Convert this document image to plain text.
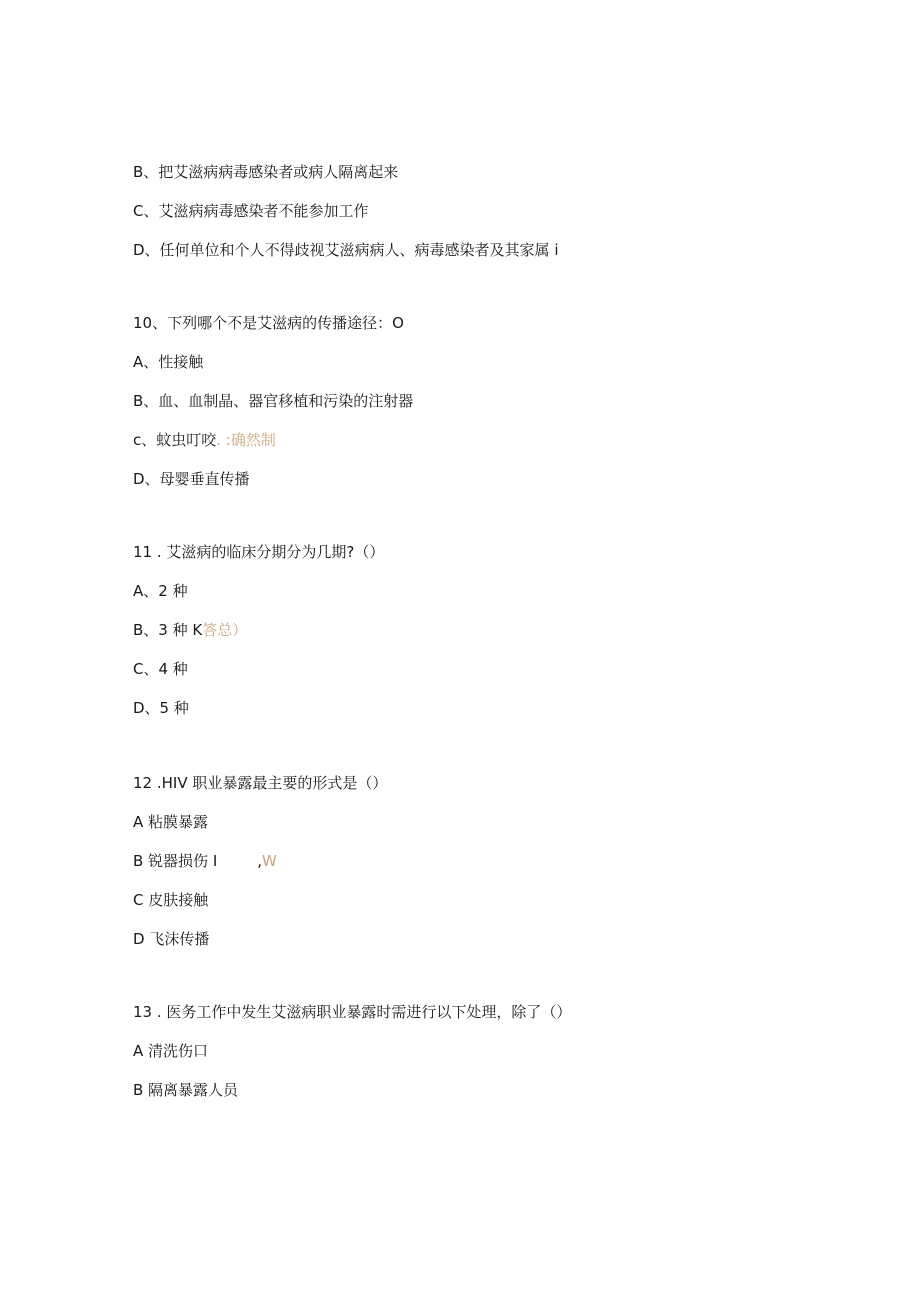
B、把艾滋病病毒感染者或病人隔离起来
C、艾滋病病毒感染者不能参加工作
D、任何单位和个人不得歧视艾滋病病人、病毒感染者及其家属 i
10、下列哪个不是艾滋病的传播途径：O
A、性接触
B、血、血制晶、器官移植和污染的注射器
c、蚊虫叮咬. :确然制
D、母婴垂直传播
11 . 艾滋病的临床分期分为几期?（）
A、2 种
B、3 种 K答总）
C、4 种
D、5 种
12 .HIV 职业暴露最主要的形式是（）
A 粘膜暴露
B 锐器损伤 I	,W
C 皮肤接触
D 飞沫传播
13 . 医务工作中发生艾滋病职业暴露时需进行以下处理，除了（）
A 清洗伤口
B 隔离暴露人员
